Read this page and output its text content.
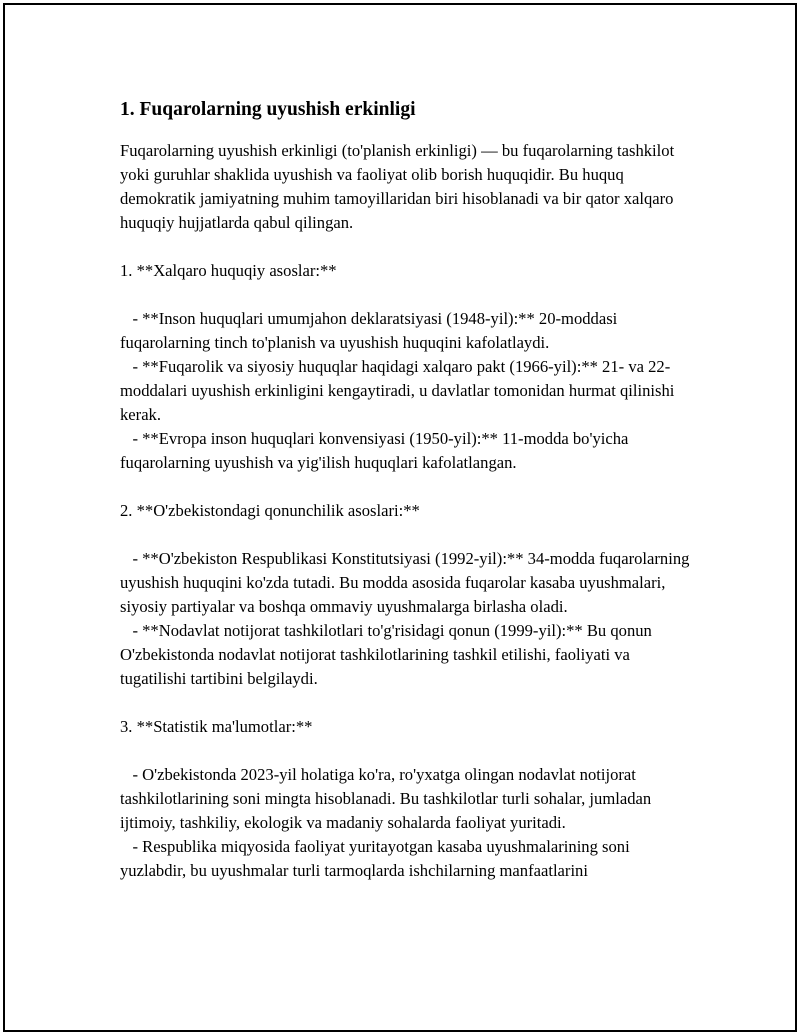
1. Fuqarolarning uyushish erkinligi

Fuqarolarning uyushish erkinligi (to'planish erkinligi) — bu fuqarolarning tashkilot yoki guruhlar shaklida uyushish va faoliyat olib borish huquqidir. Bu huquq demokratik jamiyatning muhim tamoyillaridan biri hisoblanadi va bir qator xalqaro huquqiy hujjatlarda qabul qilingan.

1. **Xalqaro huquqiy asoslar:**

- **Inson huquqlari umumjahon deklaratsiyasi (1948-yil):** 20-moddasi fuqarolarning tinch to'planish va uyushish huquqini kafolatlaydi.

- **Fuqarolik va siyosiy huquqlar haqidagi xalqaro pakt (1966-yil):** 21- va 22-moddalari uyushish erkinligini kengaytiradi, u davlatlar tomonidan hurmat qilinishi kerak.

- **Evropa inson huquqlari konvensiyasi (1950-yil):** 11-modda bo'yicha fuqarolarning uyushish va yig'ilish huquqlari kafolatlangan.

2. **O'zbekistondagi qonunchilik asoslari:**

- **O'zbekiston Respublikasi Konstitutsiyasi (1992-yil):** 34-modda fuqarolarning uyushish huquqini ko'zda tutadi. Bu modda asosida fuqarolar kasaba uyushmalari, siyosiy partiyalar va boshqa ommaviy uyushmalarga birlasha oladi.

- **Nodavlat notijorat tashkilotlari to'g'risidagi qonun (1999-yil):** Bu qonun O'zbekistonda nodavlat notijorat tashkilotlarining tashkil etilishi, faoliyati va tugatilishi tartibini belgilaydi.

3. **Statistik ma'lumotlar:**

- O'zbekistonda 2023-yil holatiga ko'ra, ro'yxatga olingan nodavlat notijorat tashkilotlarining soni mingta hisoblanadi. Bu tashkilotlar turli sohalar, jumladan ijtimoiy, tashkiliy, ekologik va madaniy sohalarda faoliyat yuritadi.

- Respublika miqyosida faoliyat yuritayotgan kasaba uyushmalarining soni yuzlabdir, bu uyushmalar turli tarmoqlarda ishchilarning manfaatlarini
